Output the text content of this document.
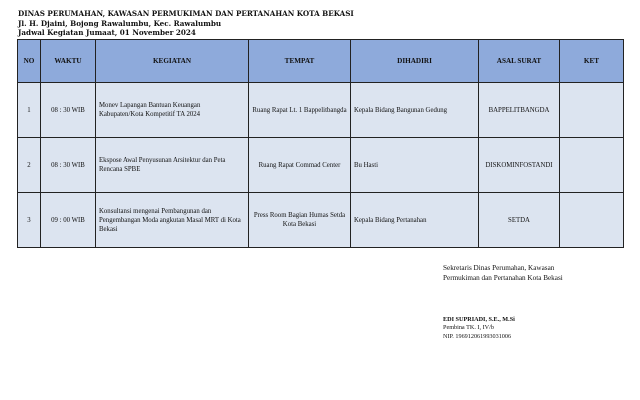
DINAS PERUMAHAN, KAWASAN PERMUKIMAN DAN PERTANAHAN KOTA BEKASI
Jl. H. Djaini, Bojong Rawalumbu, Kec. Rawalumbu
Jadwal Kegiatan Jumaat, 01 November 2024
NO	WAKTU	KEGIATAN	TEMPAT	DIHADIRI	ASAL SURAT	KET
1	08 : 30 WIB	Monev Lapangan Bantuan Keuangan Kabupaten/Kota Kompetitif TA 2024	Ruang Rapat Lt. 1 Bappelitbangda	Kepala Bidang Bangunan Gedung	BAPPELITBANGDA	
2	08 : 30 WIB	Ekspose Awal Penyusunan Arsitektur dan Peta Rencana SPBE	Ruang Rapat Commad Center	Bu Hasti	DISKOMINFOSTANDI	
3	09 : 00 WIB	Konsultansi mengenai Pembangunan dan Pengembangan Moda angkutan Masal MRT di Kota Bekasi	Press Room Bagian Humas Setda Kota Bekasi	Kepala Bidang Pertanahan	SETDA	
Sekretaris Dinas Perumahan, Kawasan
Permukiman dan Pertanahan Kota Bekasi
EDI SUPRIADI, S.E., M.Si
Pembina TK. I, IV/b
NIP. 196912061993031006
